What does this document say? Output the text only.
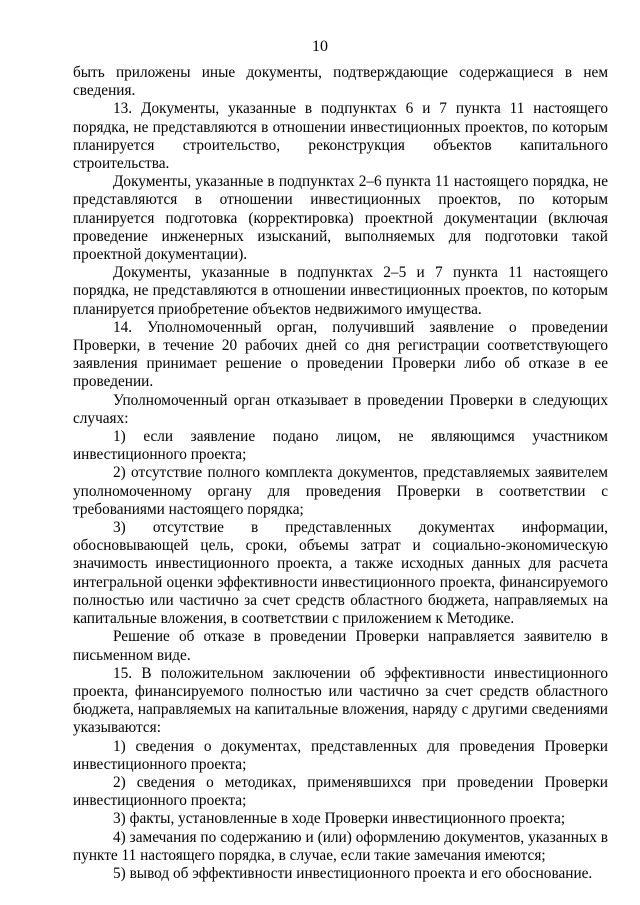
10

быть приложены иные документы, подтверждающие содержащиеся в нем сведения.

13. Документы, указанные в подпунктах 6 и 7 пункта 11 настоящего порядка, не представляются в отношении инвестиционных проектов, по которым планируется строительство, реконструкция объектов капитального строительства.

Документы, указанные в подпунктах 2–6 пункта 11 настоящего порядка, не представляются в отношении инвестиционных проектов, по которым планируется подготовка (корректировка) проектной документации (включая проведение инженерных изысканий, выполняемых для подготовки такой проектной документации).

Документы, указанные в подпунктах 2–5 и 7 пункта 11 настоящего порядка, не представляются в отношении инвестиционных проектов, по которым планируется приобретение объектов недвижимого имущества.

14. Уполномоченный орган, получивший заявление о проведении Проверки, в течение 20 рабочих дней со дня регистрации соответствующего заявления принимает решение о проведении Проверки либо об отказе в ее проведении.

Уполномоченный орган отказывает в проведении Проверки в следующих случаях:

1) если заявление подано лицом, не являющимся участником инвестиционного проекта;

2) отсутствие полного комплекта документов, представляемых заявителем уполномоченному органу для проведения Проверки в соответствии с требованиями настоящего порядка;

3) отсутствие в представленных документах информации, обосновывающей цель, сроки, объемы затрат и социально-экономическую значимость инвестиционного проекта, а также исходных данных для расчета интегральной оценки эффективности инвестиционного проекта, финансируемого полностью или частично за счет средств областного бюджета, направляемых на капитальные вложения, в соответствии с приложением к Методике.

Решение об отказе в проведении Проверки направляется заявителю в письменном виде.

15. В положительном заключении об эффективности инвестиционного проекта, финансируемого полностью или частично за счет средств областного бюджета, направляемых на капитальные вложения, наряду с другими сведениями указываются:

1) сведения о документах, представленных для проведения Проверки инвестиционного проекта;

2) сведения о методиках, применявшихся при проведении Проверки инвестиционного проекта;

3) факты, установленные в ходе Проверки инвестиционного проекта;

4) замечания по содержанию и (или) оформлению документов, указанных в пункте 11 настоящего порядка, в случае, если такие замечания имеются;

5) вывод об эффективности инвестиционного проекта и его обоснование.
